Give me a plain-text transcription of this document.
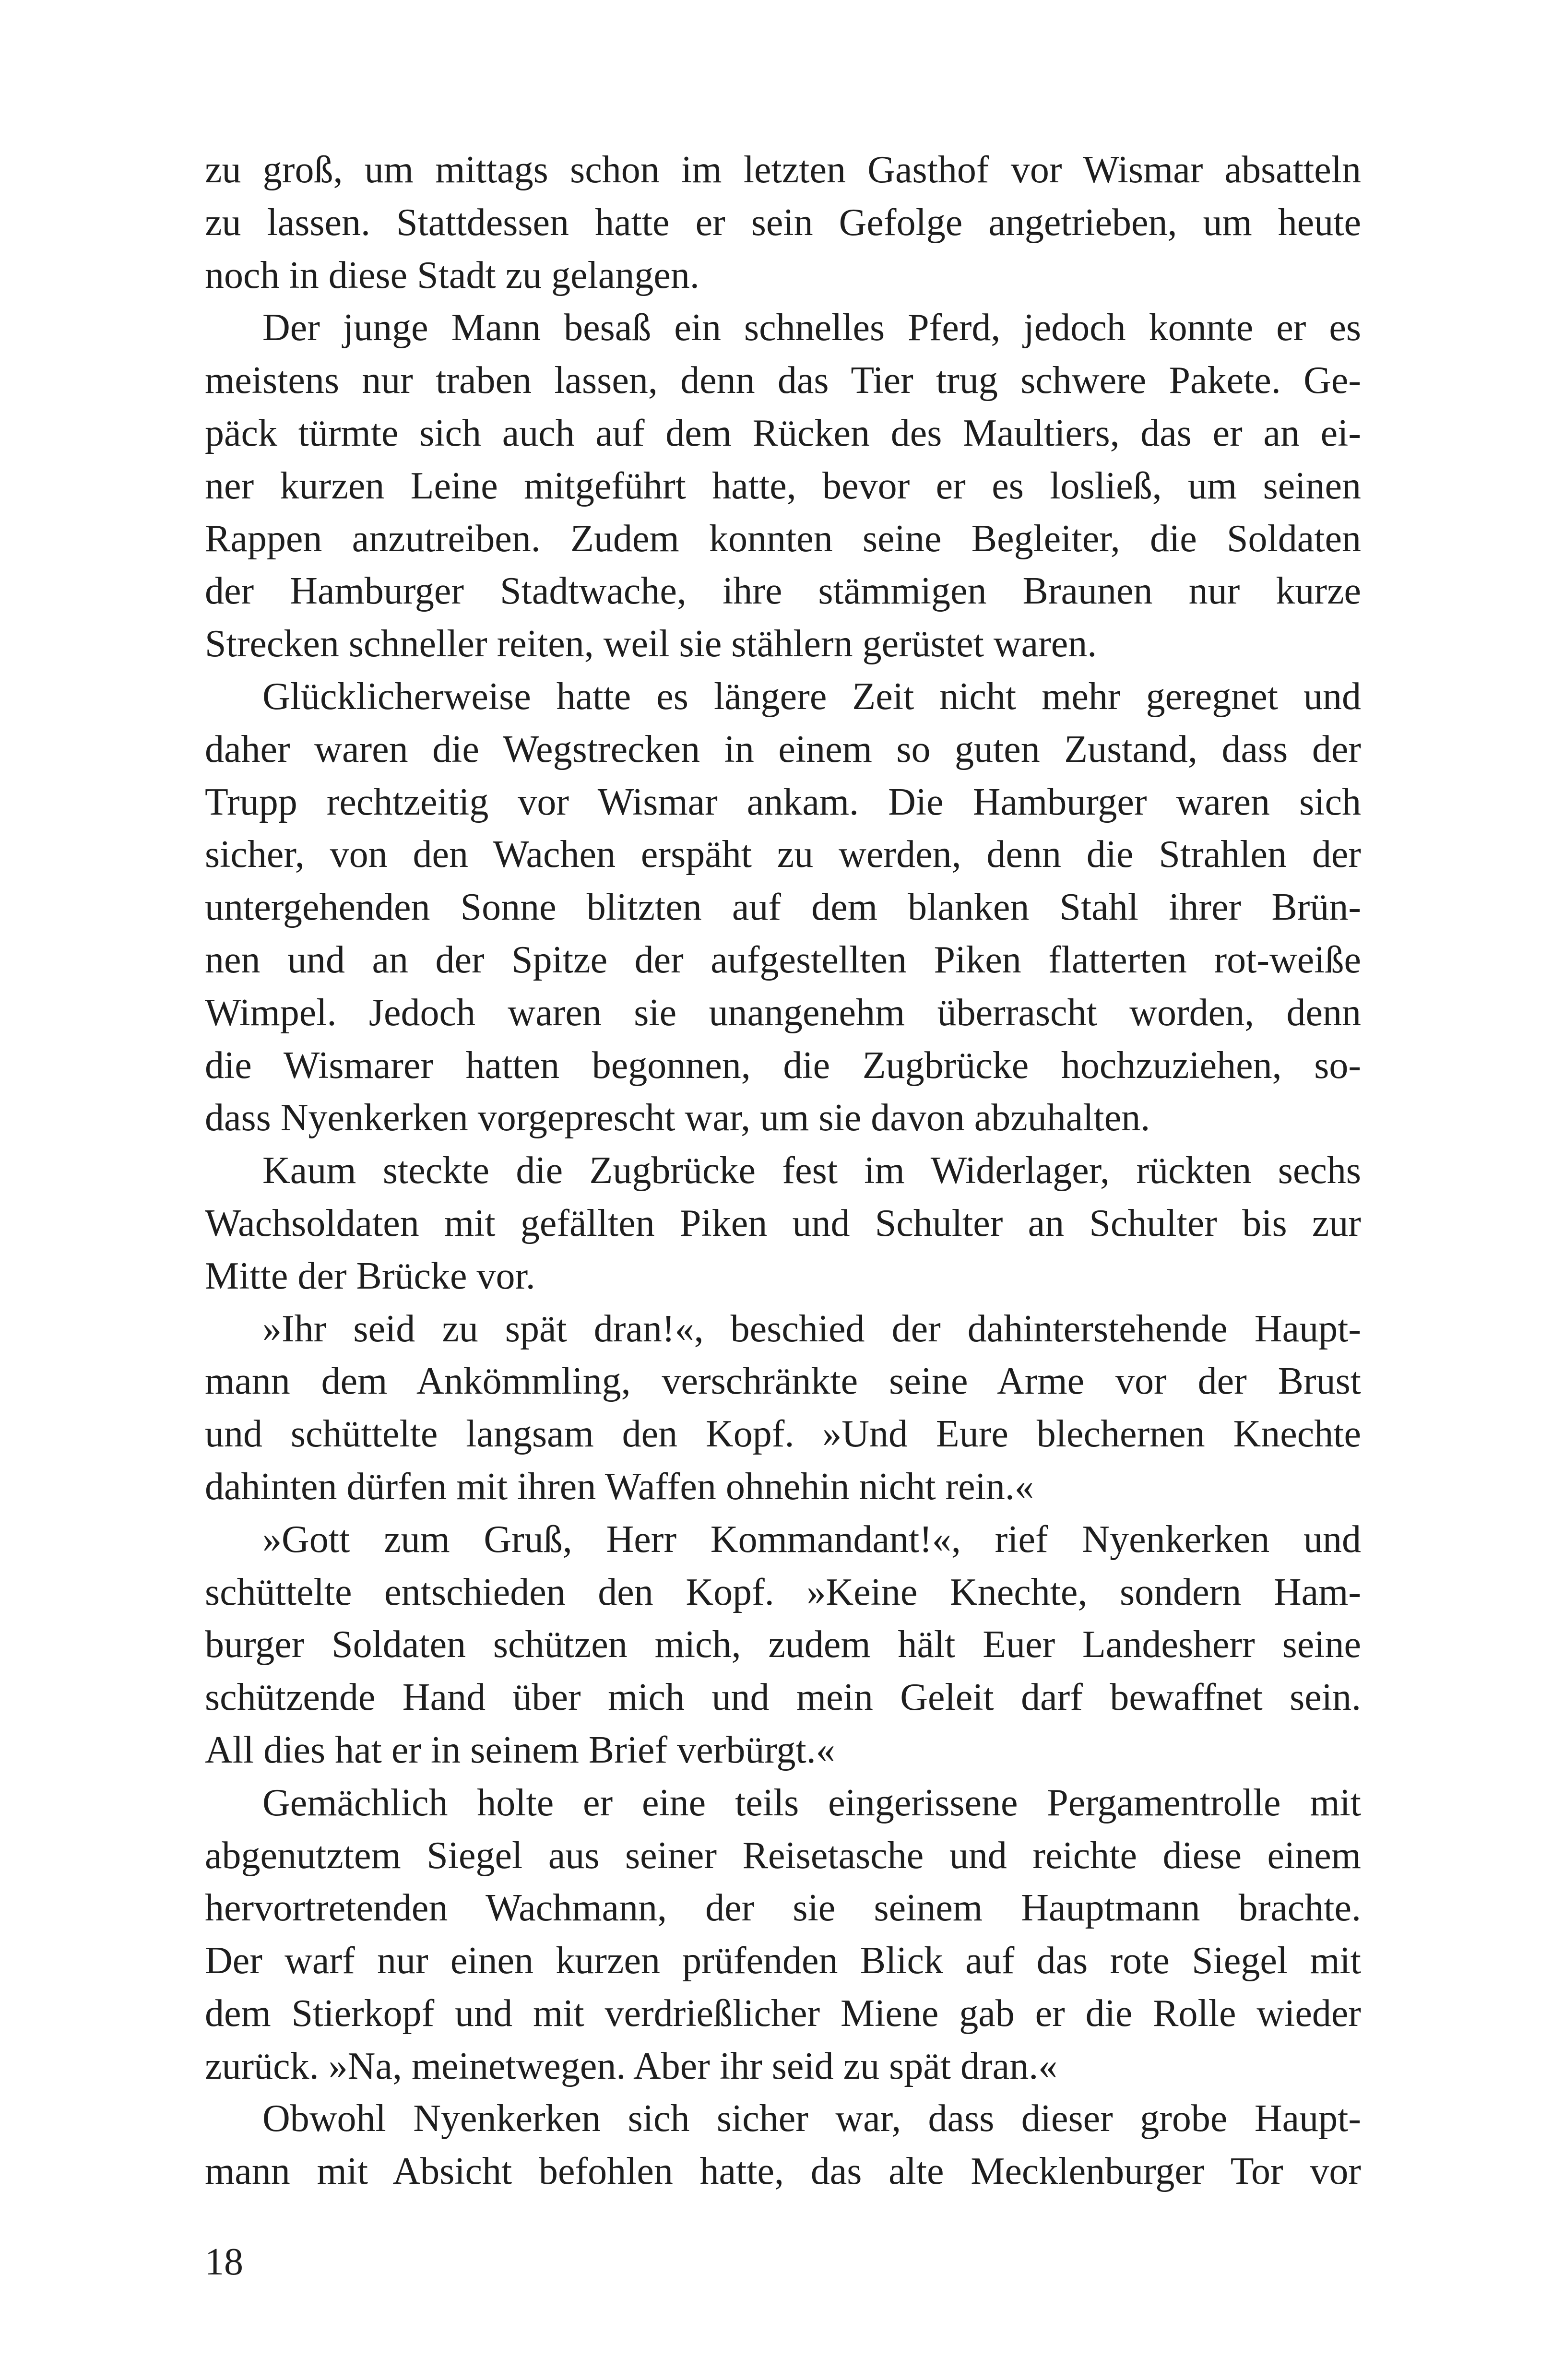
zu groß, um mittags schon im letzten Gasthof vor Wismar absatteln
zu lassen. Stattdessen hatte er sein Gefolge angetrieben, um heute
noch in diese Stadt zu gelangen.
Der junge Mann besaß ein schnelles Pferd, jedoch konnte er es
meistens nur traben lassen, denn das Tier trug schwere Pakete. Ge-
päck türmte sich auch auf dem Rücken des Maultiers, das er an ei-
ner kurzen Leine mitgeführt hatte, bevor er es losließ, um seinen
Rappen anzutreiben. Zudem konnten seine Begleiter, die Soldaten
der Hamburger Stadtwache, ihre stämmigen Braunen nur kurze
Strecken schneller reiten, weil sie stählern gerüstet waren.
Glücklicherweise hatte es längere Zeit nicht mehr geregnet und
daher waren die Wegstrecken in einem so guten Zustand, dass der
Trupp rechtzeitig vor Wismar ankam. Die Hamburger waren sich
sicher, von den Wachen erspäht zu werden, denn die Strahlen der
untergehenden Sonne blitzten auf dem blanken Stahl ihrer Brün-
nen und an der Spitze der aufgestellten Piken flatterten rot-weiße
Wimpel. Jedoch waren sie unangenehm überrascht worden, denn
die Wismarer hatten begonnen, die Zugbrücke hochzuziehen, so-
dass Nyenkerken vorgeprescht war, um sie davon abzuhalten.
Kaum steckte die Zugbrücke fest im Widerlager, rückten sechs
Wachsoldaten mit gefällten Piken und Schulter an Schulter bis zur
Mitte der Brücke vor.
»Ihr seid zu spät dran!«, beschied der dahinterstehende Haupt-
mann dem Ankömmling, verschränkte seine Arme vor der Brust
und schüttelte langsam den Kopf. »Und Eure blechernen Knechte
dahinten dürfen mit ihren Waffen ohnehin nicht rein.«
»Gott zum Gruß, Herr Kommandant!«, rief Nyenkerken und
schüttelte entschieden den Kopf. »Keine Knechte, sondern Ham-
burger Soldaten schützen mich, zudem hält Euer Landesherr seine
schützende Hand über mich und mein Geleit darf bewaffnet sein.
All dies hat er in seinem Brief verbürgt.«
Gemächlich holte er eine teils eingerissene Pergamentrolle mit
abgenutztem Siegel aus seiner Reisetasche und reichte diese einem
hervortretenden Wachmann, der sie seinem Hauptmann brachte.
Der warf nur einen kurzen prüfenden Blick auf das rote Siegel mit
dem Stierkopf und mit verdrießlicher Miene gab er die Rolle wieder
zurück. »Na, meinetwegen. Aber ihr seid zu spät dran.«
Obwohl Nyenkerken sich sicher war, dass dieser grobe Haupt-
mann mit Absicht befohlen hatte, das alte Mecklenburger Tor vor
18
